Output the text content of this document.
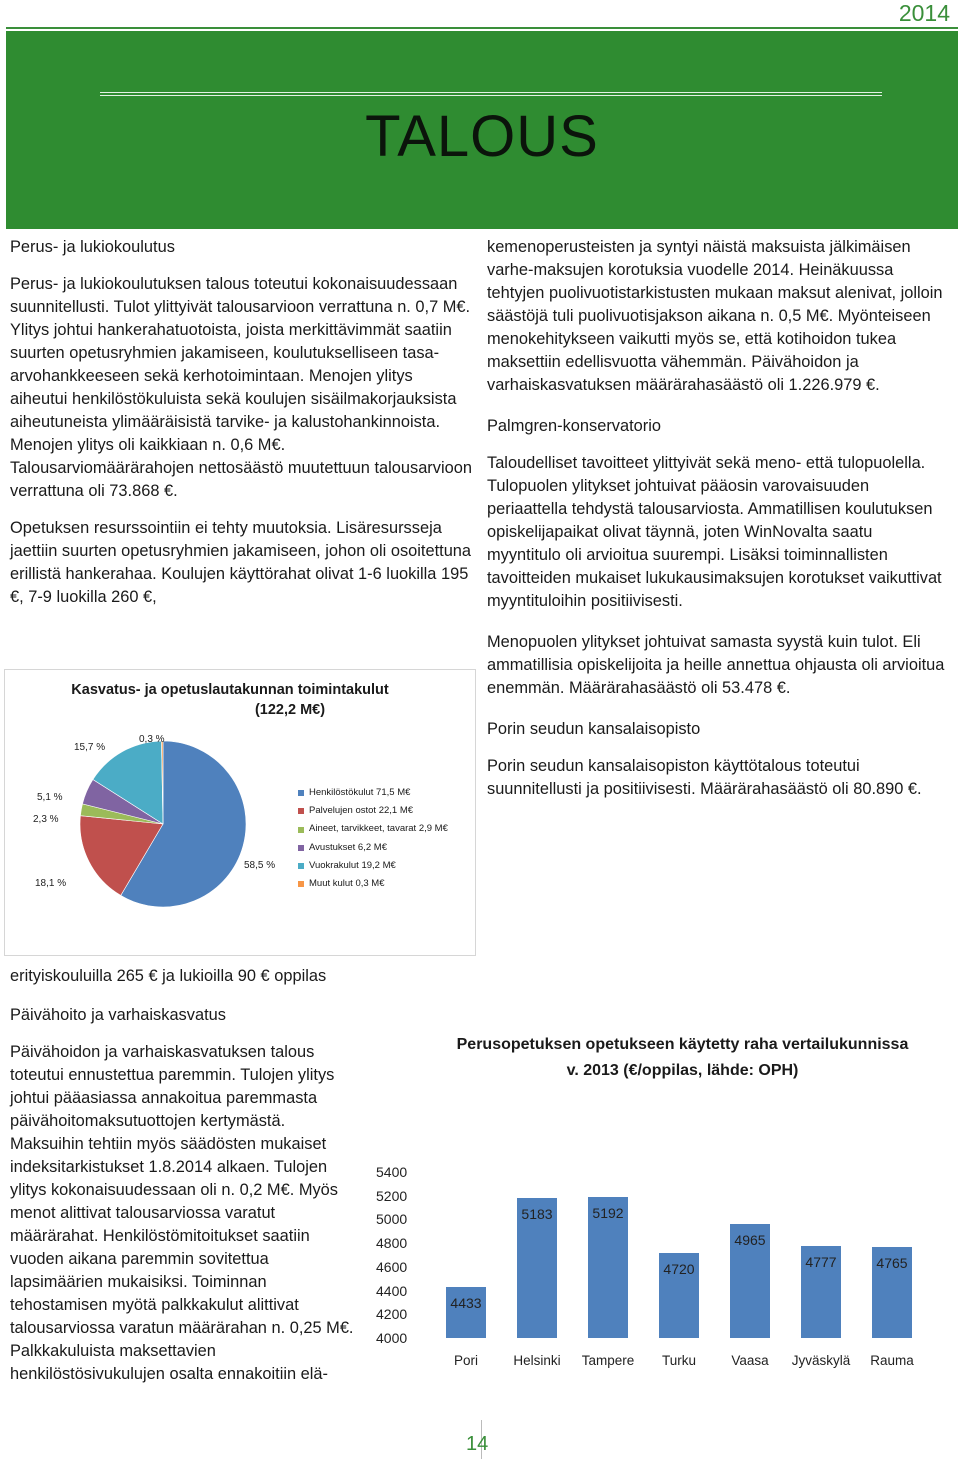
2014
TALOUS

Perus- ja lukiokoulutus

Perus- ja lukiokoulutuksen talous toteutui kokonaisuudessaan suunnitellusti. Tulot ylittyivät talousarvioon verrattuna n. 0,7 M€. Ylitys johtui hankerahatuotoista, joista merkittävimmät saatiin suurten opetusryhmien jakamiseen, koulutukselliseen tasa-arvohankkeeseen sekä kerhotoimintaan. Menojen ylitys aiheutui henkilöstökuluista sekä koulujen sisäilmakorjauksista aiheutuneista ylimääräisistä tarvike- ja kalustohankinnoista. Menojen ylitys oli kaikkiaan n. 0,6 M€. Talousarviomäärärahojen nettosäästö muutettuun talousarvioon verrattuna oli 73.868 €.

Opetuksen resurssointiin ei tehty muutoksia. Lisäresursseja jaettiin suurten opetusryhmien jakamiseen, johon oli osoitettuna erillistä hankerahaa. Koulujen käyttörahat olivat 1-6 luokilla 195 €, 7-9 luokilla 260 €,

Kasvatus- ja opetuslautakunnan toimintakulut
(122,2 M€)
58,5 %
18,1 %
2,3 %
5,1 %
15,7 %
0,3 %
Henkilöstökulut 71,5 M€
Palvelujen ostot 22,1 M€
Aineet, tarvikkeet, tavarat 2,9 M€
Avustukset 6,2 M€
Vuokrakulut 19,2 M€
Muut kulut 0,3 M€

erityiskouluilla 265 € ja lukioilla 90 € oppilas

Päivähoito ja varhaiskasvatus

Päivähoidon ja varhaiskasvatuksen talous toteutui ennustettua paremmin. Tulojen ylitys johtui pääasiassa annakoitua paremmasta päivähoitomaksutuottojen kertymästä. Maksuihin tehtiin myös säädösten mukaiset indeksitarkistukset 1.8.2014 alkaen. Tulojen ylitys kokonaisuudessaan oli n. 0,2 M€. Myös menot alittivat talousarviossa varatut määrärahat. Henkilöstömitoitukset saatiin vuoden aikana paremmin sovitettua lapsimäärien mukaisiksi. Toiminnan tehostamisen myötä palkkakulut alittivat talousarviossa varatun määrärahan n. 0,25 M€. Palkkakuluista maksettavien henkilöstösivukulujen osalta ennakoitiin elä-

kemenoperusteisten ja syntyi näistä maksuista jälkimäisen varhe-maksujen korotuksia vuodelle 2014. Heinäkuussa tehtyjen puolivuotistarkistusten mukaan maksut alenivat, jolloin säästöjä tuli puolivuotisjakson aikana n. 0,5 M€. Myönteiseen menokehitykseen vaikutti myös se, että kotihoidon tukea maksettiin edellisvuotta vähemmän. Päivähoidon ja varhaiskasvatuksen määrärahasäästö oli 1.226.979 €.

Palmgren-konservatorio

Taloudelliset tavoitteet ylittyivät sekä meno- että tulopuolella. Tulopuolen ylitykset johtuivat pääosin varovaisuuden periaattella tehdystä talousarviosta. Ammatillisen koulutuksen opiskelijapaikat olivat täynnä, joten WinNovalta saatu myyntitulo oli arvioitua suurempi. Lisäksi toiminnallisten tavoitteiden mukaiset lukukausimaksujen korotukset vaikuttivat myyntituloihin positiivisesti.

Menopuolen ylitykset johtuivat samasta syystä kuin tulot. Eli ammatillisia opiskelijoita ja heille annettua ohjausta oli arvioitua enemmän. Määrärahasäästö oli 53.478 €.

Porin seudun kansalaisopisto

Porin seudun kansalaisopiston käyttötalous toteutui suunnitellusti ja positiivisesti. Määrärahasäästö oli 80.890 €.

Perusopetuksen opetukseen käytetty raha vertailukunnissa v. 2013 (€/oppilas, lähde: OPH)
4000
4200
4400
4600
4800
5000
5200
5400
4433
Pori
5183
Helsinki
5192
Tampere
4720
Turku
4965
Vaasa
4777
Jyväskylä
4765
Rauma
14
